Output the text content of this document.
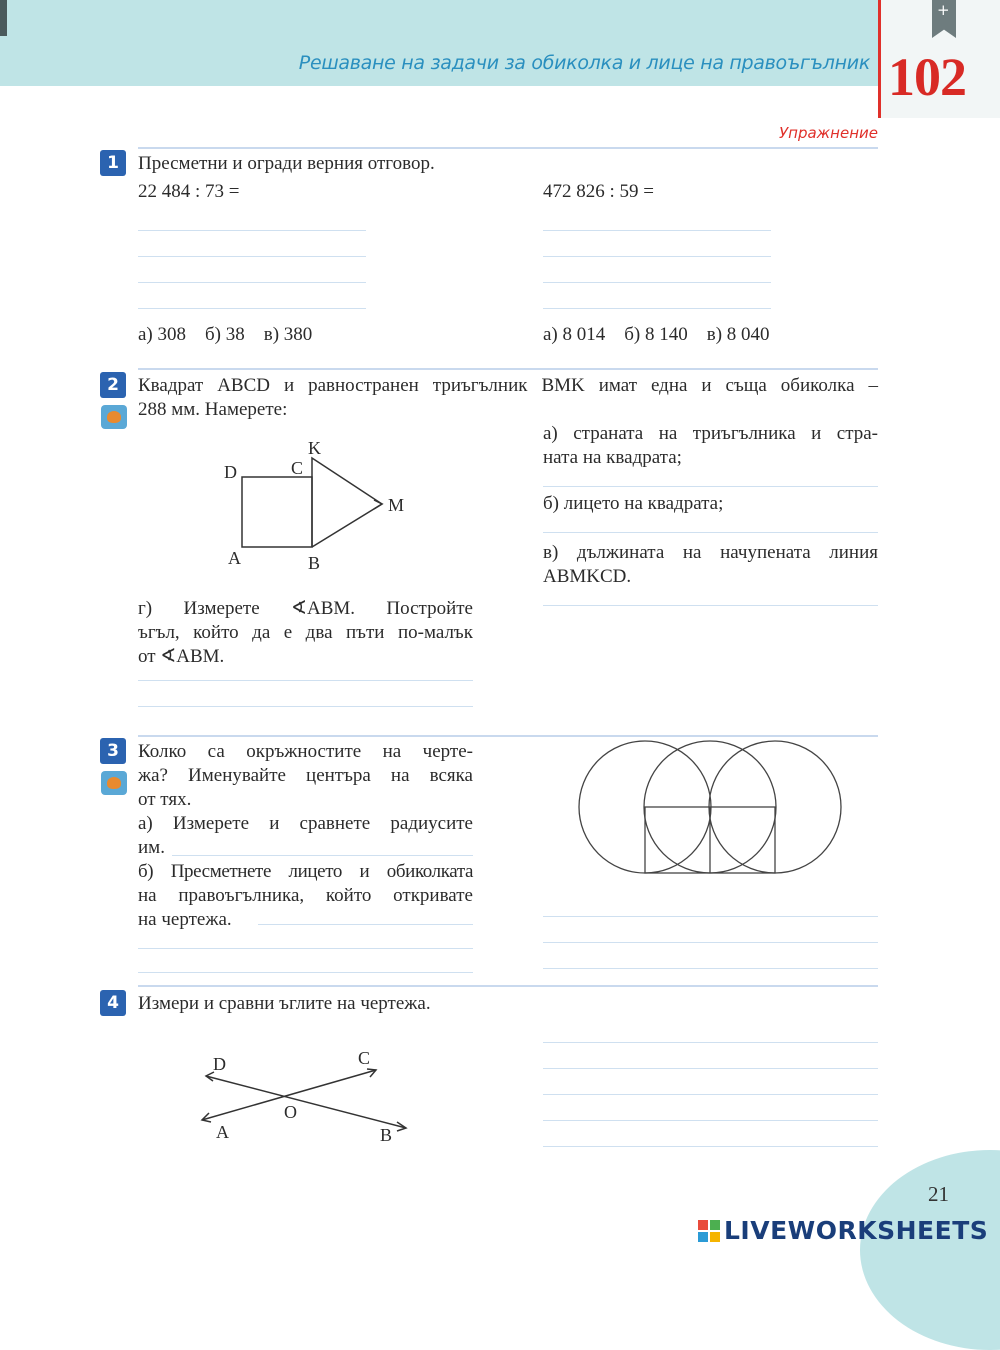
Решаване на задачи за обиколка и лице на правоъгълник 102
+
Упражнение
1	Пресметни и огради верния отговор.
22 484 : 73 =	472 826 : 59 =
а) 308    б) 38    в) 380	а) 8 014    б) 8 140    в) 8 040
2	Квадрат ABCD и равностранен триъгълник BMK имат една и съща обиколка –
288 мм. Намерете:
D	C
K
M
A	B
а) страната на триъгълника и стра-
ната на квадрата;
б) лицето на квадрата;
в) дължината на начупената линия
ABMKCD.
г) Измерете ∢ABM. Постройте
ъгъл, който да е два пъти по-малък
от ∢ABM.
3	Колко са окръжностите на черте-
жа? Именувайте центъра на всяка
от тях.
а) Измерете и сравнете радиусите
им.
б) Пресметнете лицето и обиколката
на правоъгълника, който откривате
на чертежа.
4	Измери и сравни ъглите на чертежа.
D	C
O
A	B
21
LIVEWORKSHEETS
